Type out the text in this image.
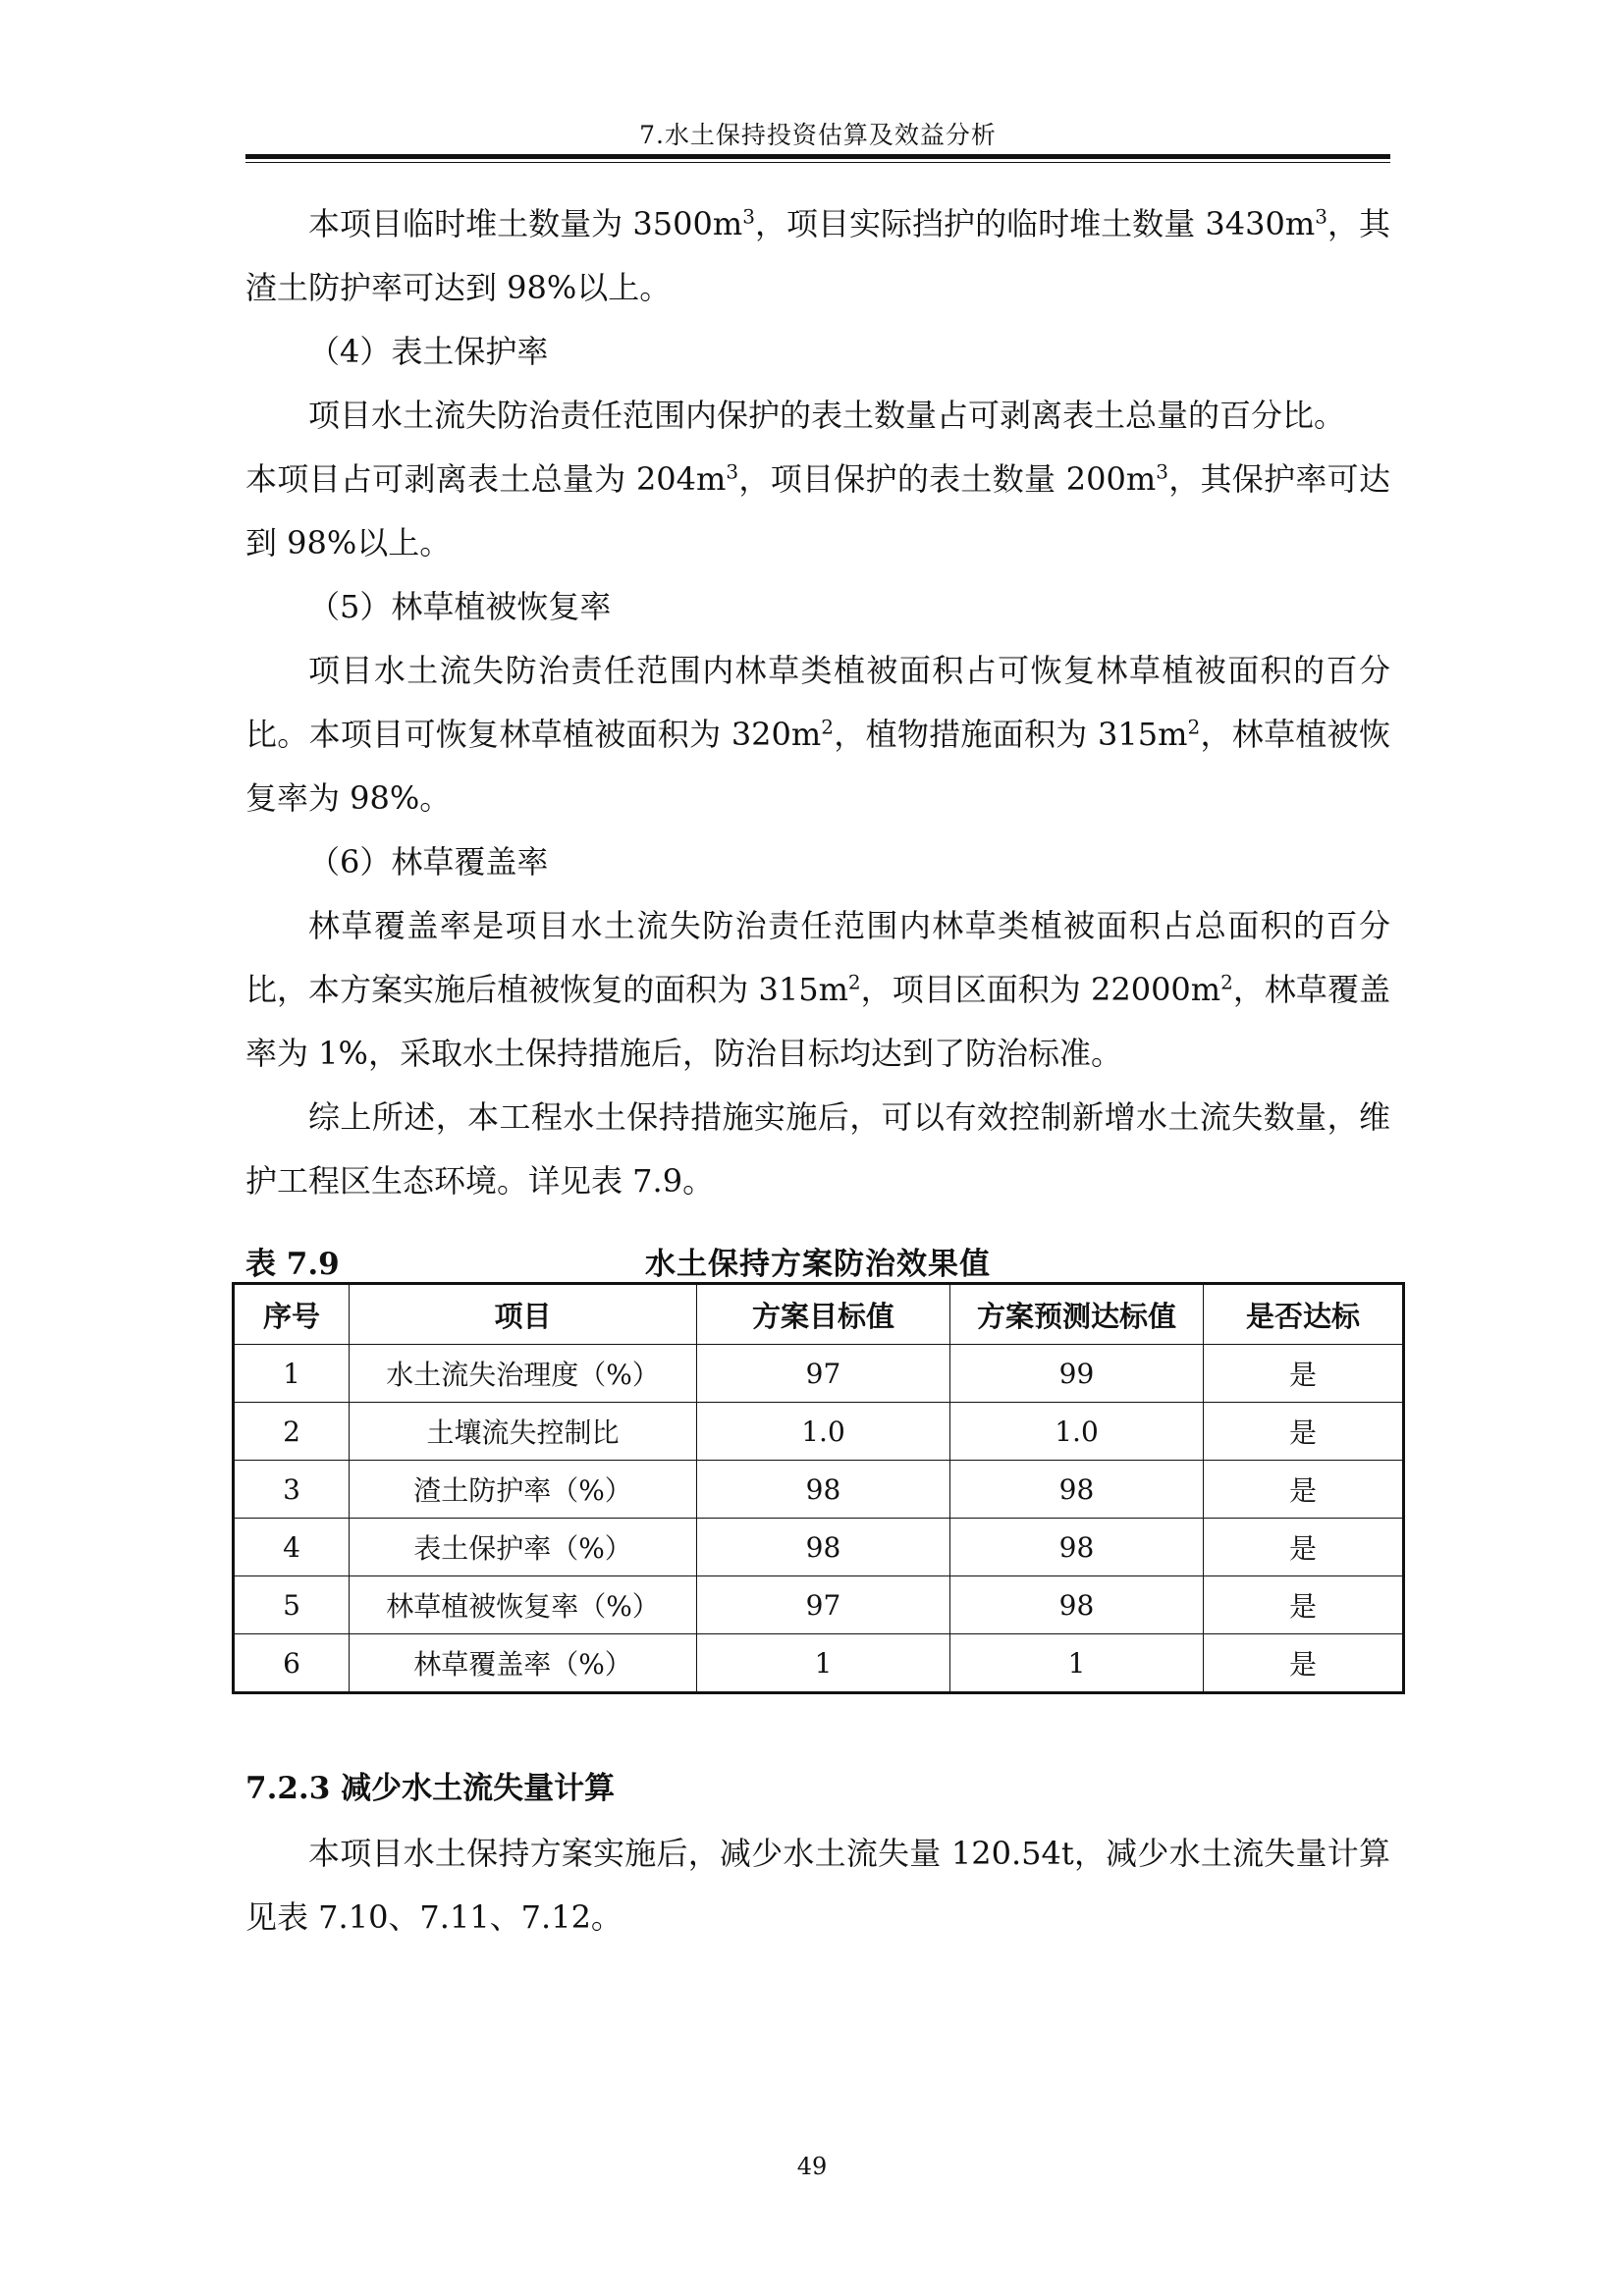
7.水土保持投资估算及效益分析

本项目临时堆土数量为 $3500m^3$，项目实际挡护的临时堆土数量 $3430m^3$，其渣土防护率可达到 98%以上。

（4）表土保护率

项目水土流失防治责任范围内保护的表土数量占可剥离表土总量的百分比。

本项目占可剥离表土总量为 $204m^3$，项目保护的表土数量 $200m^3$，其保护率可达到 98%以上。

（5）林草植被恢复率

项目水土流失防治责任范围内林草类植被面积占可恢复林草植被面积的百分比。本项目可恢复林草植被面积为 $320m^2$，植物措施面积为 $315m^2$，林草植被恢复率为 98%。

（6）林草覆盖率

林草覆盖率是项目水土流失防治责任范围内林草类植被面积占总面积的百分比，本方案实施后植被恢复的面积为 $315m^2$，项目区面积为 $22000m^2$，林草覆盖率为 1%，采取水土保持措施后，防治目标均达到了防治标准。

综上所述，本工程水土保持措施实施后，可以有效控制新增水土流失数量，维护工程区生态环境。详见表 7.9。

水土保持方案防治效果值
表 7.9
序号	项目	方案目标值	方案预测达标值	是否达标
1	水土流失治理度（%）	97	99	是
2	土壤流失控制比	1.0	1.0	是
3	渣土防护率（%）	98	98	是
4	表土保护率（%）	98	98	是
5	林草植被恢复率（%）	97	98	是
6	林草覆盖率（%）	1	1	是
7.2.3 减少水土流失量计算

本项目水土保持方案实施后，减少水土流失量 120.54t，减少水土流失量计算见表 7.10、7.11、7.12。

49
